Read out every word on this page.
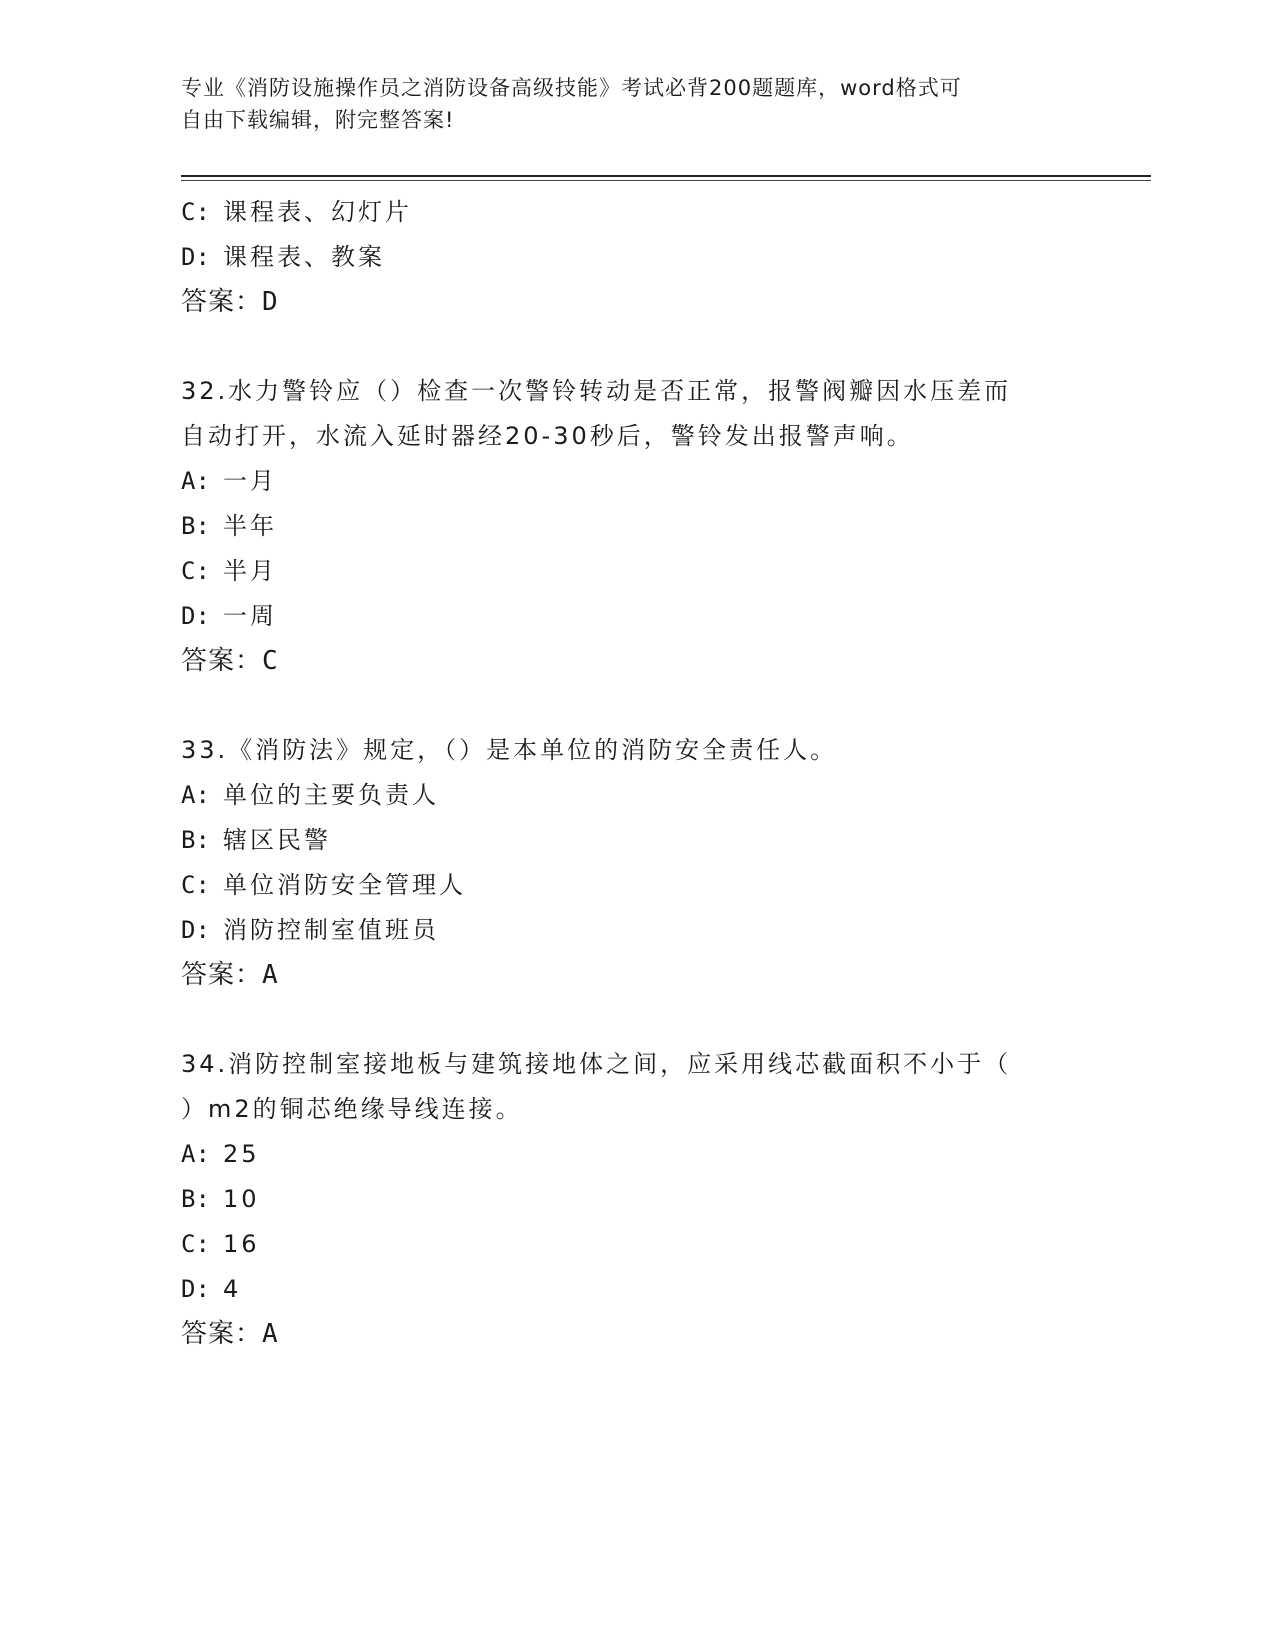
专业《消防设施操作员之消防设备高级技能》考试必背200题题库，word格式可
自由下载编辑，附完整答案!
C: 课程表、幻灯片
D: 课程表、教案
答案：D
32.水力警铃应（）检查一次警铃转动是否正常，报警阀瓣因水压差而
自动打开，水流入延时器经20-30秒后，警铃发出报警声响。
A: 一月
B: 半年
C: 半月
D: 一周
答案：C
33.《消防法》规定，（）是本单位的消防安全责任人。
A: 单位的主要负责人
B: 辖区民警
C: 单位消防安全管理人
D: 消防控制室值班员
答案：A
34.消防控制室接地板与建筑接地体之间，应采用线芯截面积不小于（
）m2的铜芯绝缘导线连接。
A: 25
B: 10
C: 16
D: 4
答案：A
